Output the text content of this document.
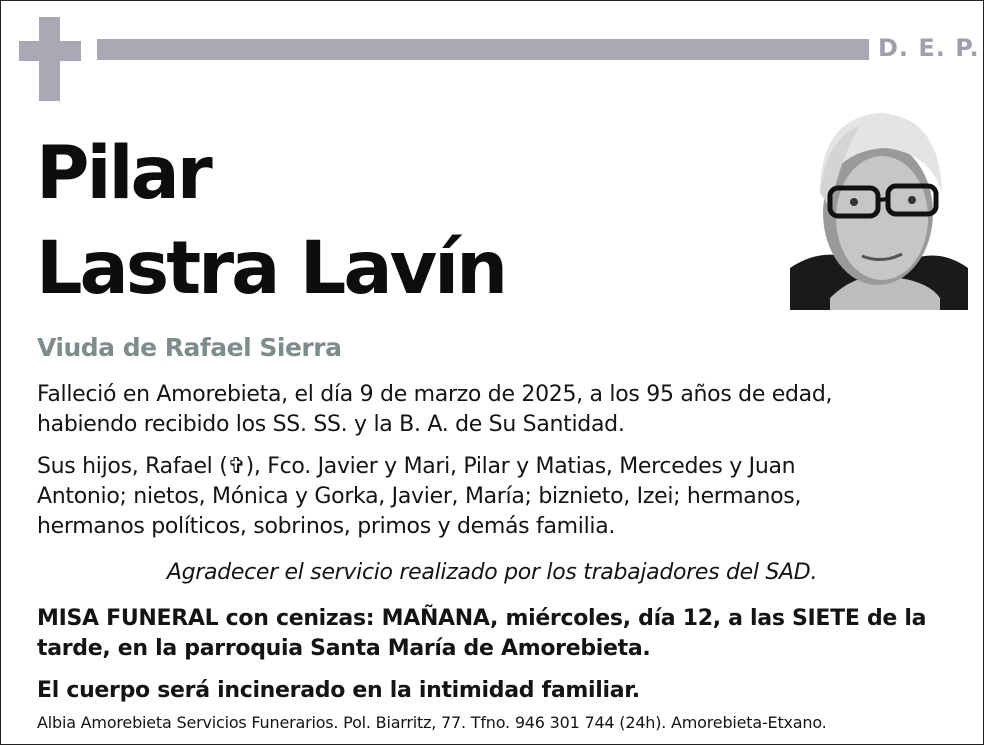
D. E. P.
Pilar
Lastra Lavín
Viuda de Rafael Sierra
Falleció en Amorebieta, el día 9 de marzo de 2025, a los 95 años de edad,
habiendo recibido los SS. SS. y la B. A. de Su Santidad.
Sus hijos, Rafael (✞), Fco. Javier y Mari, Pilar y Matias, Mercedes y Juan
Antonio; nietos, Mónica y Gorka, Javier, María; biznieto, Izei; hermanos,
hermanos políticos, sobrinos, primos y demás familia.
Agradecer el servicio realizado por los trabajadores del SAD.
MISA FUNERAL con cenizas: MAÑANA, miércoles, día 12, a las SIETE de la
tarde, en la parroquia Santa María de Amorebieta.
El cuerpo será incinerado en la intimidad familiar.
Albia Amorebieta Servicios Funerarios. Pol. Biarritz, 77. Tfno. 946 301 744 (24h). Amorebieta-Etxano.
